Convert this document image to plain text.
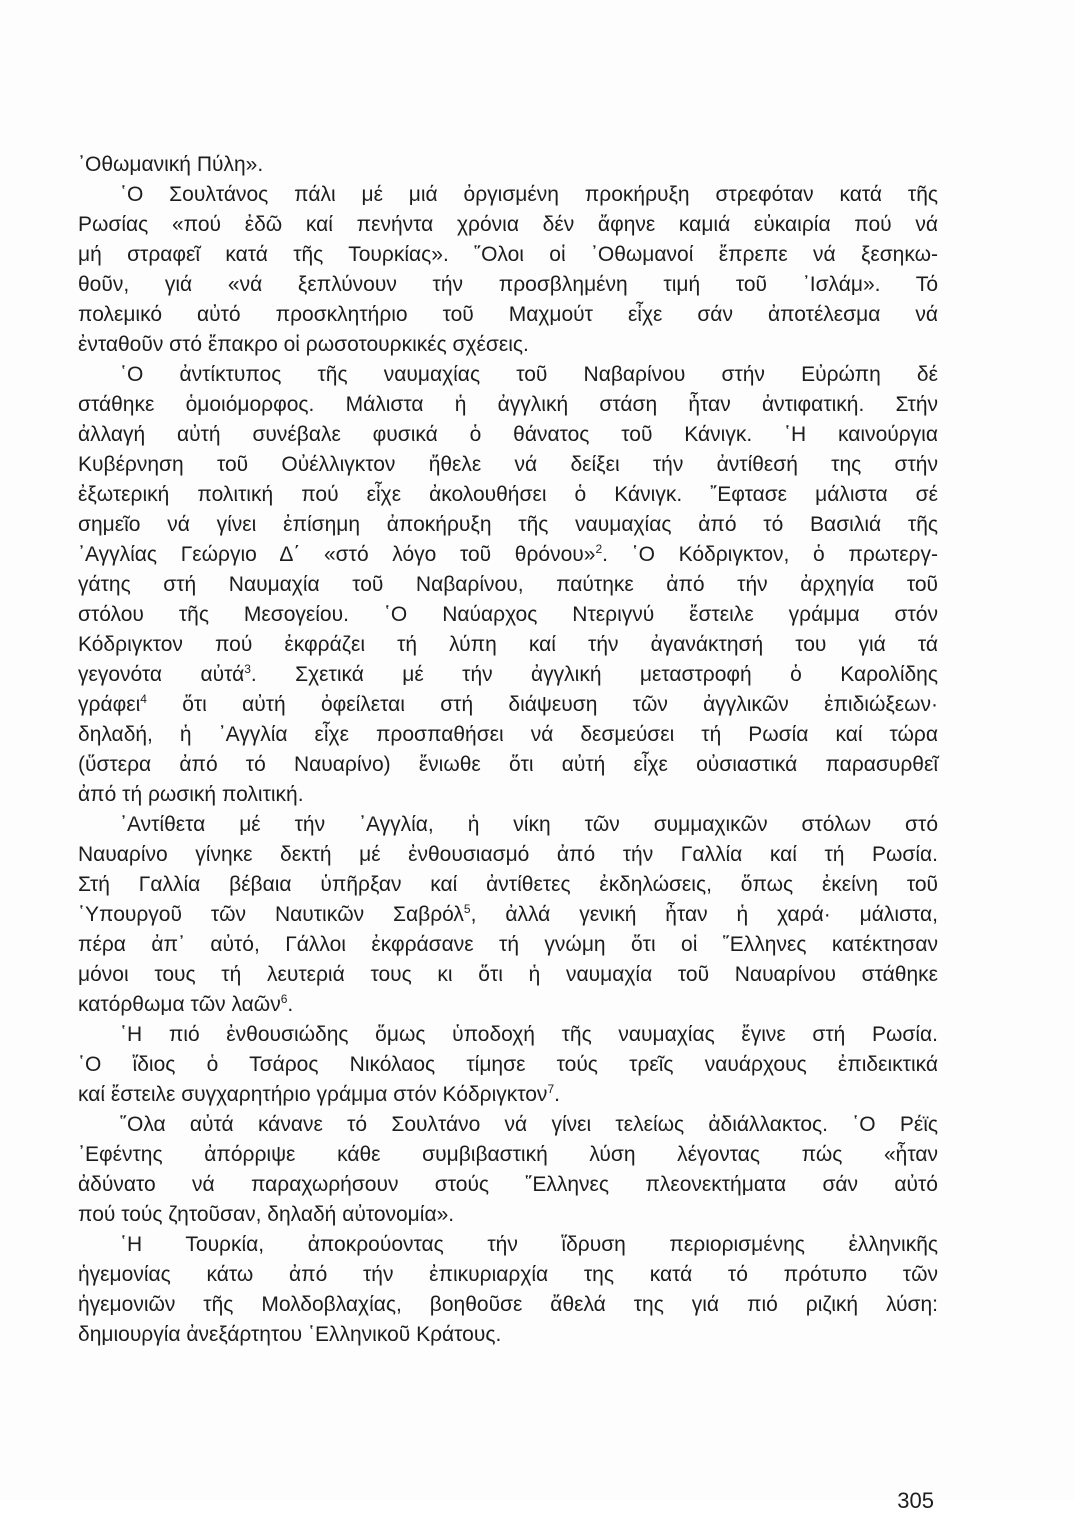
᾿Οθωμανική Πύλη».
῾Ο Σουλτάνος πάλι μέ μιά ὀργισμένη προκήρυξη στρεφόταν κατά τῆς
Ρωσίας «πού ἐδῶ καί πενήντα χρόνια δέν ἄφηνε καμιά εὐκαιρία πού νά
μή στραφεῖ κατά τῆς Τουρκίας». ῞Ολοι οἱ ᾿Οθωμανοί ἔπρεπε νά ξεσηκω-
θοῦν, γιά «νά ξεπλύνουν τήν προσβλημένη τιμή τοῦ ᾿Ισλάμ». Τό
πολεμικό αὐτό προσκλητήριο τοῦ Μαχμούτ εἶχε σάν ἀποτέλεσμα νά
ἐνταθοῦν στό ἔπακρο οἱ ρωσοτουρκικές σχέσεις.
῾Ο ἀντίκτυπος τῆς ναυμαχίας τοῦ Ναβαρίνου στήν Εὐρώπη δέ
στάθηκε ὁμοιόμορφος. Μάλιστα ἡ ἀγγλική στάση ἦταν ἀντιφατική. Στήν
ἀλλαγή αὐτή συνέβαλε φυσικά ὁ θάνατος τοῦ Κάνιγκ. ῾Η καινούργια
Κυβέρνηση τοῦ Οὐέλλιγκτον ἤθελε νά δείξει τήν ἀντίθεσή της στήν
ἐξωτερική πολιτική πού εἶχε ἀκολουθήσει ὁ Κάνιγκ. ῎Εφτασε μάλιστα σέ
σημεῖο νά γίνει ἐπίσημη ἀποκήρυξη τῆς ναυμαχίας ἀπό τό Βασιλιά τῆς
᾿Αγγλίας Γεώργιο Δ΄ «στό λόγο τοῦ θρόνου»$^2$. ῾Ο Κόδριγκτον, ὁ πρωτεργ-
γάτης στή Ναυμαχία τοῦ Ναβαρίνου, παύτηκε ἀπό τήν ἀρχηγία τοῦ
στόλου τῆς Μεσογείου. ῾Ο Ναύαρχος Ντεριγνύ ἔστειλε γράμμα στόν
Κόδριγκτον πού ἐκφράζει τή λύπη καί τήν ἀγανάκτησή του γιά τά
γεγονότα αὐτά$^3$. Σχετικά μέ τήν ἀγγλική μεταστροφή ὁ Καρολίδης
γράφει$^4$ ὅτι αὐτή ὀφείλεται στή διάψευση τῶν ἀγγλικῶν ἐπιδιώξεων·
δηλαδή, ἡ ᾿Αγγλία εἶχε προσπαθήσει νά δεσμεύσει τή Ρωσία καί τώρα
(ὕστερα ἀπό τό Ναυαρίνο) ἔνιωθε ὅτι αὐτή εἶχε οὐσιαστικά παρασυρθεῖ
ἀπό τή ρωσική πολιτική.
᾿Αντίθετα μέ τήν ᾿Αγγλία, ἡ νίκη τῶν συμμαχικῶν στόλων στό
Ναυαρίνο γίνηκε δεκτή μέ ἐνθουσιασμό ἀπό τήν Γαλλία καί τή Ρωσία.
Στή Γαλλία βέβαια ὑπῆρξαν καί ἀντίθετες ἐκδηλώσεις, ὅπως ἐκείνη τοῦ
῾Υπουργοῦ τῶν Ναυτικῶν Σαβρόλ$^5$, ἀλλά γενική ἦταν ἡ χαρά· μάλιστα,
πέρα ἀπ᾿ αὐτό, Γάλλοι ἐκφράσανε τή γνώμη ὅτι οἱ ῞Ελληνες κατέκτησαν
μόνοι τους τή λευτεριά τους κι ὅτι ἡ ναυμαχία τοῦ Ναυαρίνου στάθηκε
κατόρθωμα τῶν λαῶν$^6$.
῾Η πιό ἐνθουσιώδης ὅμως ὑποδοχή τῆς ναυμαχίας ἔγινε στή Ρωσία.
῾Ο ἴδιος ὁ Τσάρος Νικόλαος τίμησε τούς τρεῖς ναυάρχους ἐπιδεικτικά
καί ἔστειλε συγχαρητήριο γράμμα στόν Κόδριγκτον$^7$.
῞Ολα αὐτά κάνανε τό Σουλτάνο νά γίνει τελείως ἀδιάλλακτος. ῾Ο Ρέϊς
᾿Εφέντης ἀπόρριψε κάθε συμβιβαστική λύση λέγοντας πώς «ἦταν
ἀδύνατο νά παραχωρήσουν στούς ῞Ελληνες πλεονεκτήματα σάν αὐτό
πού τούς ζητοῦσαν, δηλαδή αὐτονομία».
῾Η Τουρκία, ἀποκρούοντας τήν ἵδρυση περιορισμένης ἑλληνικῆς
ἡγεμονίας κάτω ἀπό τήν ἐπικυριαρχία της κατά τό πρότυπο τῶν
ἡγεμονιῶν τῆς Μολδοβλαχίας, βοηθοῦσε ἄθελά της γιά πιό ριζική λύση:
δημιουργία ἀνεξάρτητου ῾Ελληνικοῦ Κράτους.
305
